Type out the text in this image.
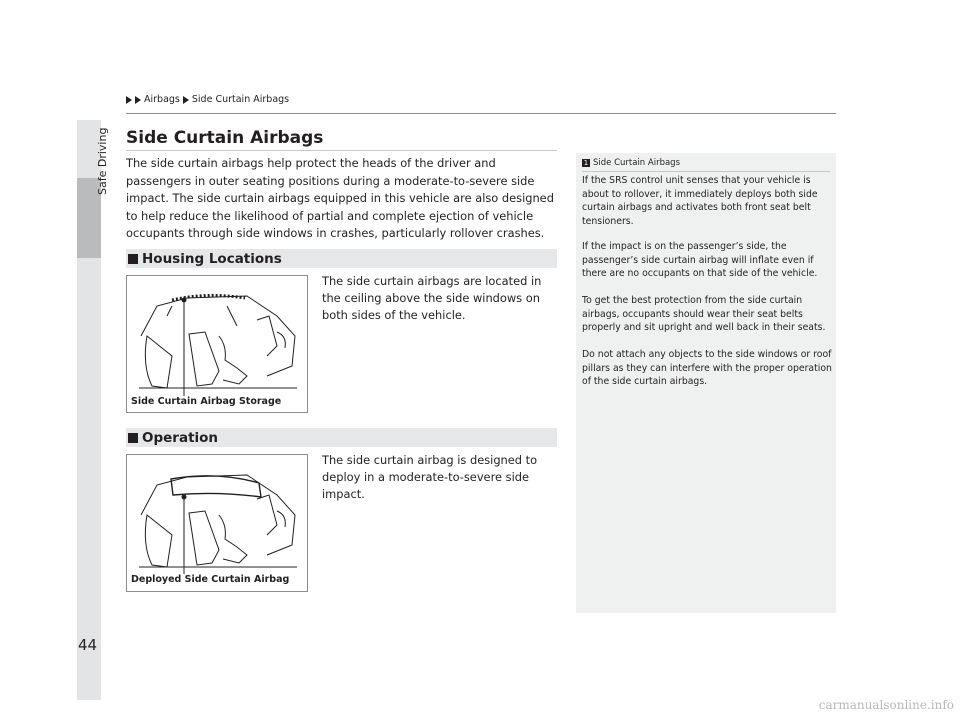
Safe Driving
44
Airbags Side Curtain Airbags
Side Curtain Airbags
The side curtain airbags help protect the heads of the driver and passengers in outer seating positions during a moderate-to-severe side impact. The side curtain airbags equipped in this vehicle are also designed to help reduce the likelihood of partial and complete ejection of vehicle occupants through side windows in crashes, particularly rollover crashes.
Housing Locations
The side curtain airbags are located in the ceiling above the side windows on both sides of the vehicle.
Side Curtain Airbag Storage
Operation
The side curtain airbag is designed to deploy in a moderate-to-severe side impact.
Deployed Side Curtain Airbag
1 Side Curtain Airbags
If the SRS control unit senses that your vehicle is about to rollover, it immediately deploys both side curtain airbags and activates both front seat belt tensioners.
If the impact is on the passenger’s side, the passenger’s side curtain airbag will inflate even if there are no occupants on that side of the vehicle.
To get the best protection from the side curtain airbags, occupants should wear their seat belts properly and sit upright and well back in their seats.
Do not attach any objects to the side windows or roof pillars as they can interfere with the proper operation of the side curtain airbags.
carmanualsonline.info
